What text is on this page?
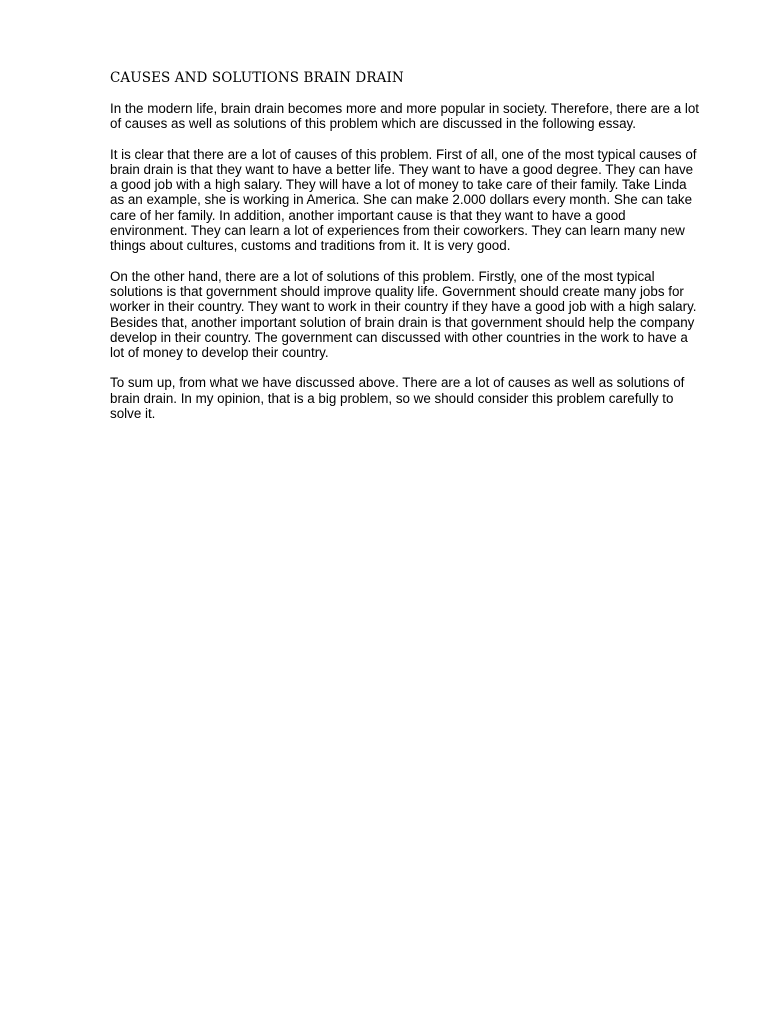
CAUSES AND SOLUTIONS BRAIN DRAIN

In the modern life, brain drain becomes more and more popular in society. Therefore, there are a lot of causes as well as solutions of this problem which are discussed in the following essay.

It is clear that there are a lot of causes of this problem. First of all, one of the most typical causes of brain drain is that they want to have a better life. They want to have a good degree. They can have a good job with a high salary. They will have a lot of money to take care of their family. Take Linda as an example, she is working in America. She can make 2.000 dollars every month. She can take care of her family. In addition, another important cause is that they want to have a good environment. They can learn a lot of experiences from their coworkers. They can learn many new things about cultures, customs and traditions from it. It is very good.

On the other hand, there are a lot of solutions of this problem. Firstly, one of the most typical solutions is that government should improve quality life. Government should create many jobs for worker in their country. They want to work in their country if they have a good job with a high salary. Besides that, another important solution of brain drain is that government should help the company develop in their country. The government can discussed with other countries in the work to have a lot of money to develop their country.

To sum up, from what we have discussed above. There are a lot of causes as well as solutions of brain drain. In my opinion, that is a big problem, so we should consider this problem carefully to solve it.
